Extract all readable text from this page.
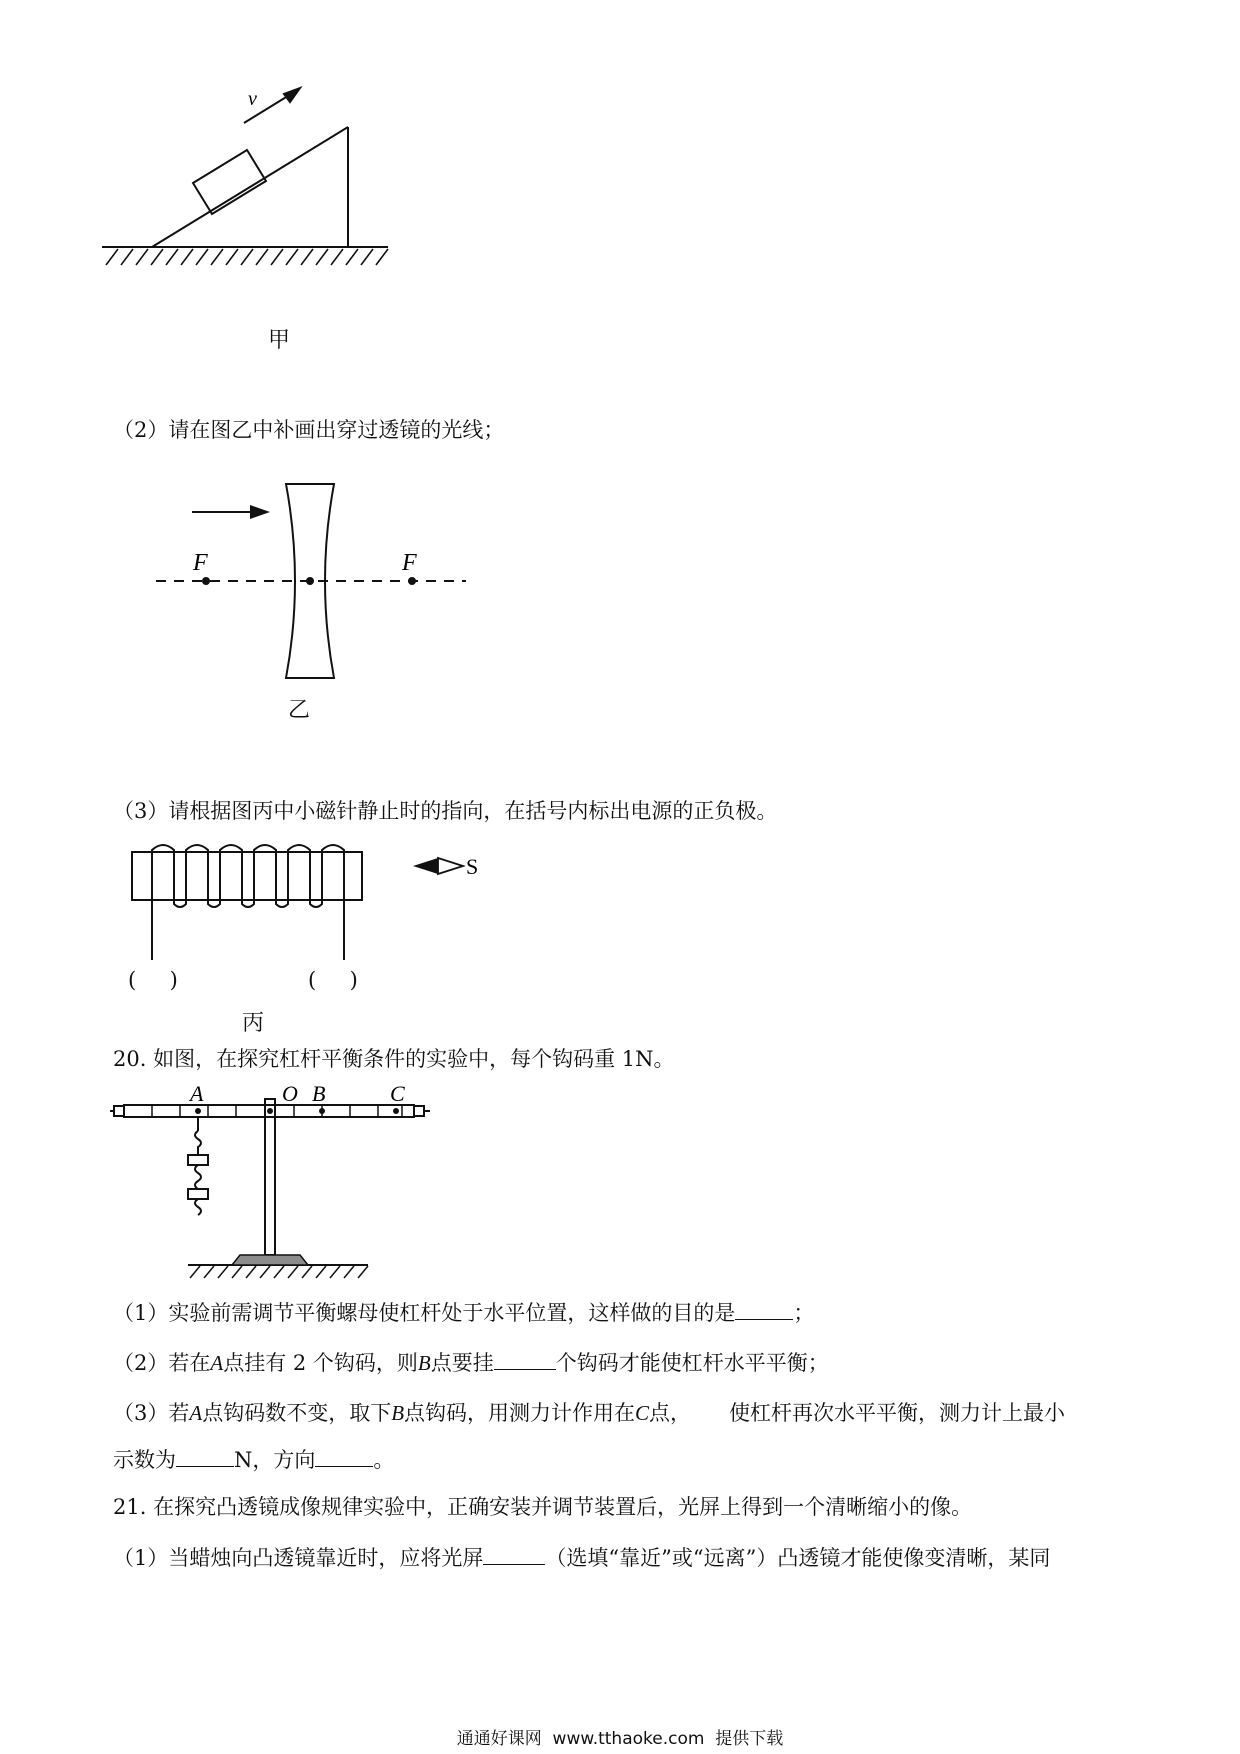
v
甲
（2）请在图乙中补画出穿过透镜的光线；
F	F
乙
（3）请根据图丙中小磁针静止时的指向，在括号内标出电源的正负极。
S
(     )	(     )
丙
20. 如图，在探究杠杆平衡条件的实验中，每个钩码重 1N。
A	O B	C
（1）实验前需调节平衡螺母使杠杆处于水平位置，这样做的目的是	；
（2）若在A点挂有 2 个钩码，则B点要挂	个钩码才能使杠杆水平平衡；
（3）若A点钩码数不变，取下B点钩码，用测力计作用在C点， 使杠杆再次水平平衡，测力计上最小
示数为	N，方向	。
21. 在探究凸透镜成像规律实验中，正确安装并调节装置后，光屏上得到一个清晰缩小的像。
（1）当蜡烛向凸透镜靠近时，应将光屏	（选填“靠近”或“远离”）凸透镜才能使像变清晰，某同
通通好课网  www.tthaoke.com  提供下载
